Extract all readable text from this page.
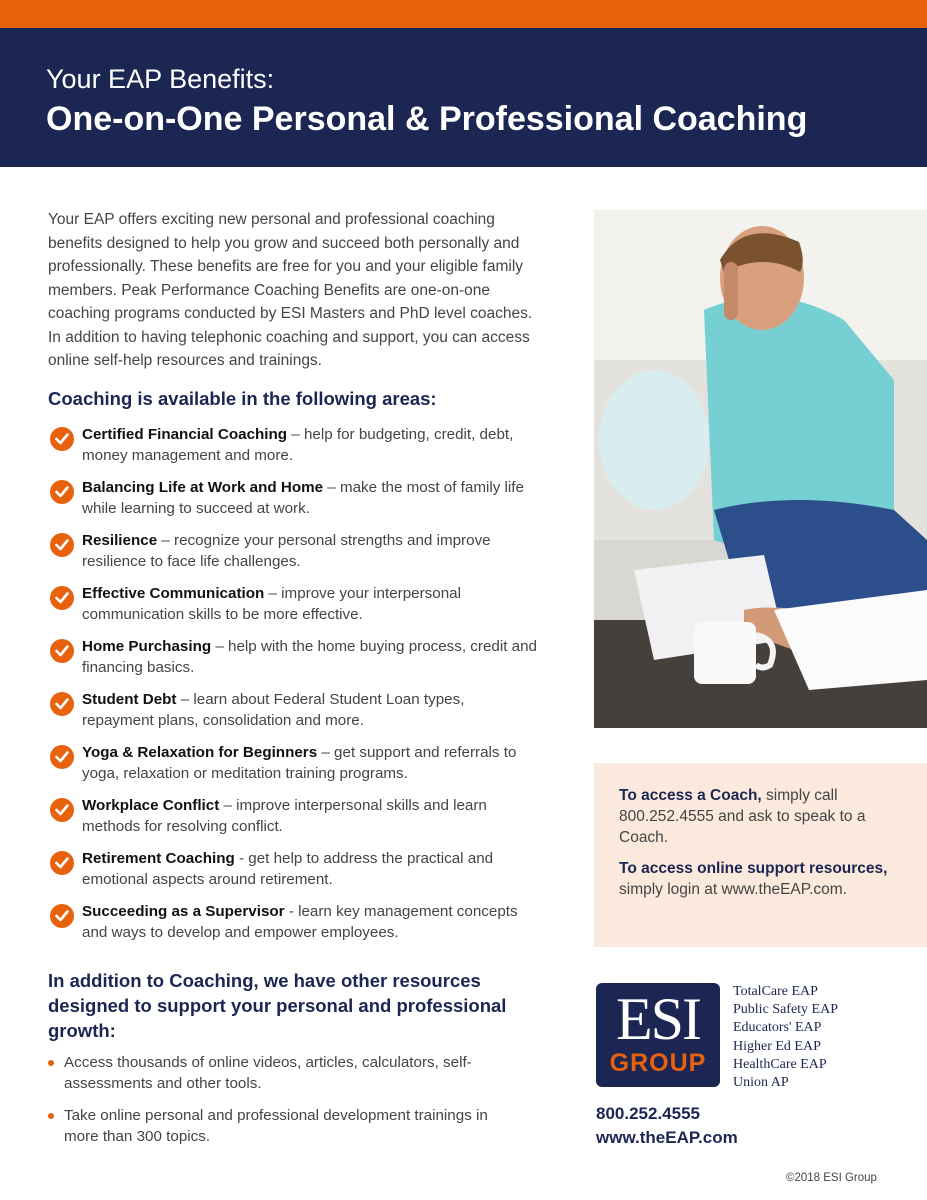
Your EAP Benefits:
One-on-One Personal & Professional Coaching
Your EAP offers exciting new personal and professional coaching benefits designed to help you grow and succeed both personally and professionally. These benefits are free for you and your eligible family members. Peak Performance Coaching Benefits are one-on-one coaching programs conducted by ESI Masters and PhD level coaches. In addition to having telephonic coaching and support, you can access online self-help resources and trainings.
Coaching is available in the following areas:
Certified Financial Coaching – help for budgeting, credit, debt, money management and more.
Balancing Life at Work and Home – make the most of family life while learning to succeed at work.
Resilience – recognize your personal strengths and improve resilience to face life challenges.
Effective Communication – improve your interpersonal communication skills to be more effective.
Home Purchasing – help with the home buying process, credit and financing basics.
Student Debt – learn about Federal Student Loan types, repayment plans, consolidation and more.
Yoga & Relaxation for Beginners – get support and referrals to yoga, relaxation or meditation training programs.
Workplace Conflict – improve interpersonal skills and learn methods for resolving conflict.
Retirement Coaching - get help to address the practical and emotional aspects around retirement.
Succeeding as a Supervisor - learn key management concepts and ways to develop and empower employees.
In addition to Coaching, we have other resources designed to support your personal and professional growth:
Access thousands of online videos, articles, calculators, self-assessments and other tools.
Take online personal and professional development trainings in more than 300 topics.
To access a Coach, simply call 800.252.4555 and ask to speak to a Coach.
To access online support resources, simply login at www.theEAP.com.
ESI
GROUP
TotalCare EAP
Public Safety EAP
Educators' EAP
Higher Ed EAP
HealthCare EAP
Union AP
800.252.4555
www.theEAP.com
©2018 ESI Group
